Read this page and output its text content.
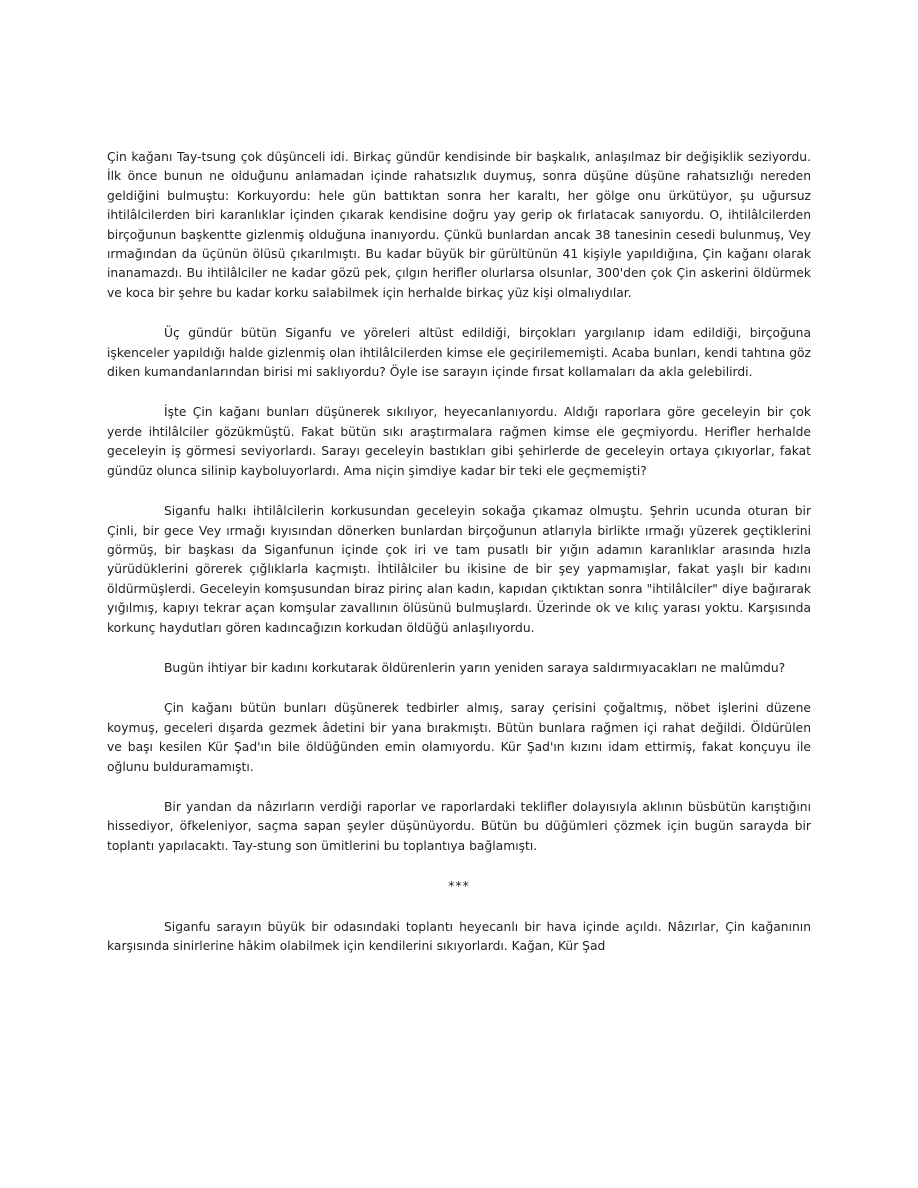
Çin kağanı Tay-tsung çok düşünceli idi. Birkaç gündür kendisinde bir başkalık, anlaşılmaz bir değişiklik seziyordu. İlk önce bunun ne olduğunu anlamadan içinde rahatsızlık duymuş, sonra düşüne düşüne rahatsızlığı nereden geldiğini bulmuştu: Korkuyordu: hele gün battıktan sonra her karaltı, her gölge onu ürkütüyor, şu uğursuz ihtilâlcilerden biri karanlıklar içinden çıkarak kendisine doğru yay gerip ok fırlatacak sanıyordu. O, ihtilâlcilerden birçoğunun başkentte gizlenmiş olduğuna inanıyordu. Çünkü bunlardan ancak 38 tanesinin cesedi bulunmuş, Vey ırmağından da üçünün ölüsü çıkarılmıştı. Bu kadar büyük bir gürültünün 41 kişiyle yapıldığına, Çin kağanı olarak inanamazdı. Bu ihtilâlciler ne kadar gözü pek, çılgın herifler olurlarsa olsunlar, 300'den çok Çin askerini öldürmek ve koca bir şehre bu kadar korku salabilmek için herhalde birkaç yüz kişi olmalıydılar.

Üç gündür bütün Siganfu ve yöreleri altüst edildiği, birçokları yargılanıp idam edildiği, birçoğuna işkenceler yapıldığı halde gizlenmiş olan ihtilâlcilerden kimse ele geçirilememişti. Acaba bunları, kendi tahtına göz diken kumandanlarından birisi mi saklıyordu? Öyle ise sarayın içinde fırsat kollamaları da akla gelebilirdi.

İşte Çin kağanı bunları düşünerek sıkılıyor, heyecanlanıyordu. Aldığı raporlara göre geceleyin bir çok yerde ihtilâlciler gözükmüştü. Fakat bütün sıkı araştırmalara rağmen kimse ele geçmiyordu. Herifler herhalde geceleyin iş görmesi seviyorlardı. Sarayı geceleyin bastıkları gibi şehirlerde de geceleyin ortaya çıkıyorlar, fakat gündüz olunca silinip kayboluyorlardı. Ama niçin şimdiye kadar bir teki ele geçmemişti?

Siganfu halkı ihtilâlcilerin korkusundan geceleyin sokağa çıkamaz olmuştu. Şehrin ucunda oturan bir Çinli, bir gece Vey ırmağı kıyısından dönerken bunlardan birçoğunun atlarıyla birlikte ırmağı yüzerek geçtiklerini görmüş, bir başkası da Siganfunun içinde çok iri ve tam pusatlı bir yığın adamın karanlıklar arasında hızla yürüdüklerini görerek çığlıklarla kaçmıştı. İhtilâlciler bu ikisine de bir şey yapmamışlar, fakat yaşlı bir kadını öldürmüşlerdi. Geceleyin komşusundan biraz pirinç alan kadın, kapıdan çıktıktan sonra "ihtilâlciler" diye bağırarak yığılmış, kapıyı tekrar açan komşular zavallının ölüsünü bulmuşlardı. Üzerinde ok ve kılıç yarası yoktu. Karşısında korkunç haydutları gören kadıncağızın korkudan öldüğü anlaşılıyordu.

Bugün ihtiyar bir kadını korkutarak öldürenlerin yarın yeniden saraya saldırmıyacakları ne malûmdu?

Çin kağanı bütün bunları düşünerek tedbirler almış, saray çerisini çoğaltmış, nöbet işlerini düzene koymuş, geceleri dışarda gezmek âdetini bir yana bırakmıştı. Bütün bunlara rağmen içi rahat değildi. Öldürülen ve başı kesilen Kür Şad'ın bile öldüğünden emin olamıyordu. Kür Şad'ın kızını idam ettirmiş, fakat konçuyu ile oğlunu bulduramamıştı.

Bir yandan da nâzırların verdiği raporlar ve raporlardaki teklifler dolayısıyla aklının büsbütün karıştığını hissediyor, öfkeleniyor, saçma sapan şeyler düşünüyordu. Bütün bu düğümleri çözmek için bugün sarayda bir toplantı yapılacaktı. Tay-stung son ümitlerini bu toplantıya bağlamıştı.

***

Siganfu sarayın büyük bir odasındaki toplantı heyecanlı bir hava içinde açıldı. Nâzırlar, Çin kağanının karşısında sinirlerine hâkim olabilmek için kendilerini sıkıyorlardı. Kağan, Kür Şad
